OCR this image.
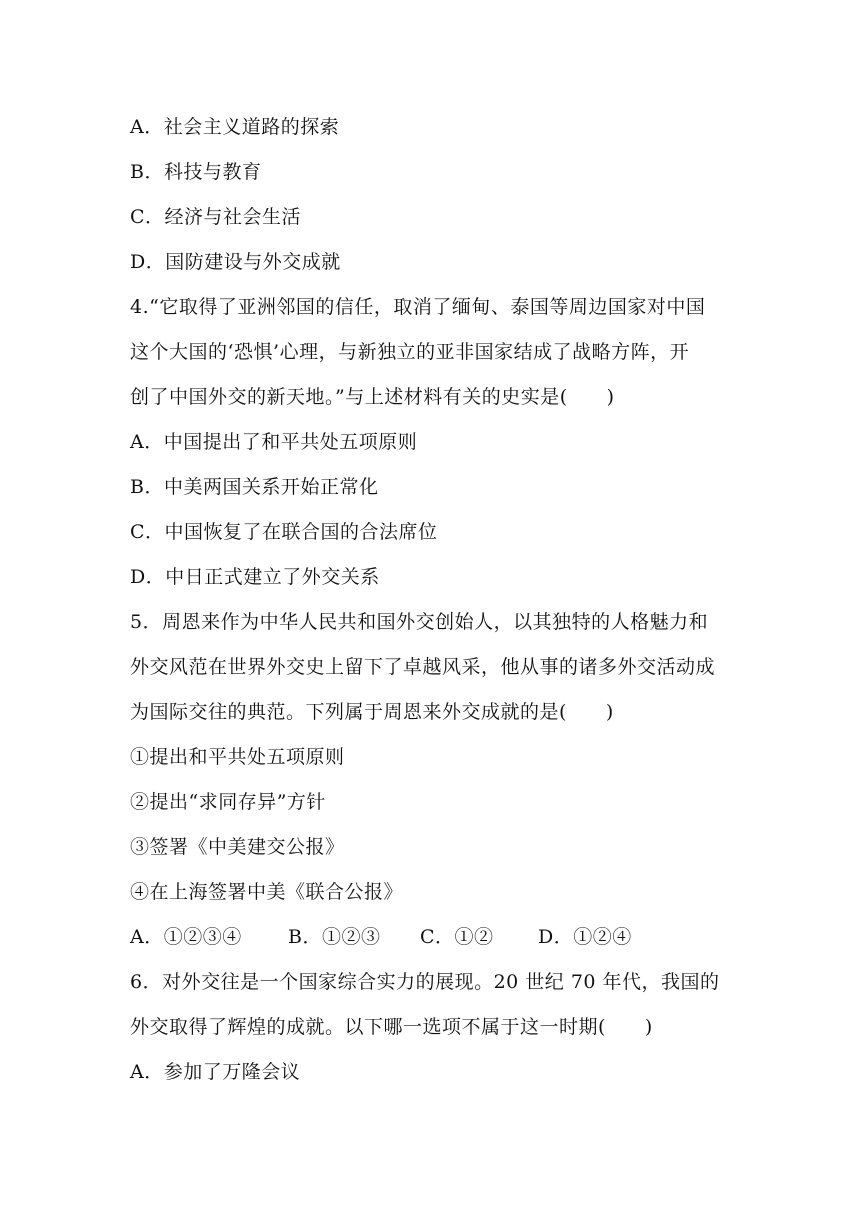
A．社会主义道路的探索
B．科技与教育
C．经济与社会生活
D．国防建设与外交成就
4.“它取得了亚洲邻国的信任，取消了缅甸、泰国等周边国家对中国
这个大国的‘恐惧’心理，与新独立的亚非国家结成了战略方阵，开
创了中国外交的新天地。”与上述材料有关的史实是(　　)
A．中国提出了和平共处五项原则
B．中美两国关系开始正常化
C．中国恢复了在联合国的合法席位
D．中日正式建立了外交关系
5．周恩来作为中华人民共和国外交创始人，以其独特的人格魅力和
外交风范在世界外交史上留下了卓越风采，他从事的诸多外交活动成
为国际交往的典范。下列属于周恩来外交成就的是(　　)
①提出和平共处五项原则
②提出“求同存异”方针
③签署《中美建交公报》
④在上海签署中美《联合公报》
A．①②③④	B．①②③	C．①②	D．①②④
6．对外交往是一个国家综合实力的展现。20 世纪 70 年代，我国的
外交取得了辉煌的成就。以下哪一选项不属于这一时期(　　)
A．参加了万隆会议
